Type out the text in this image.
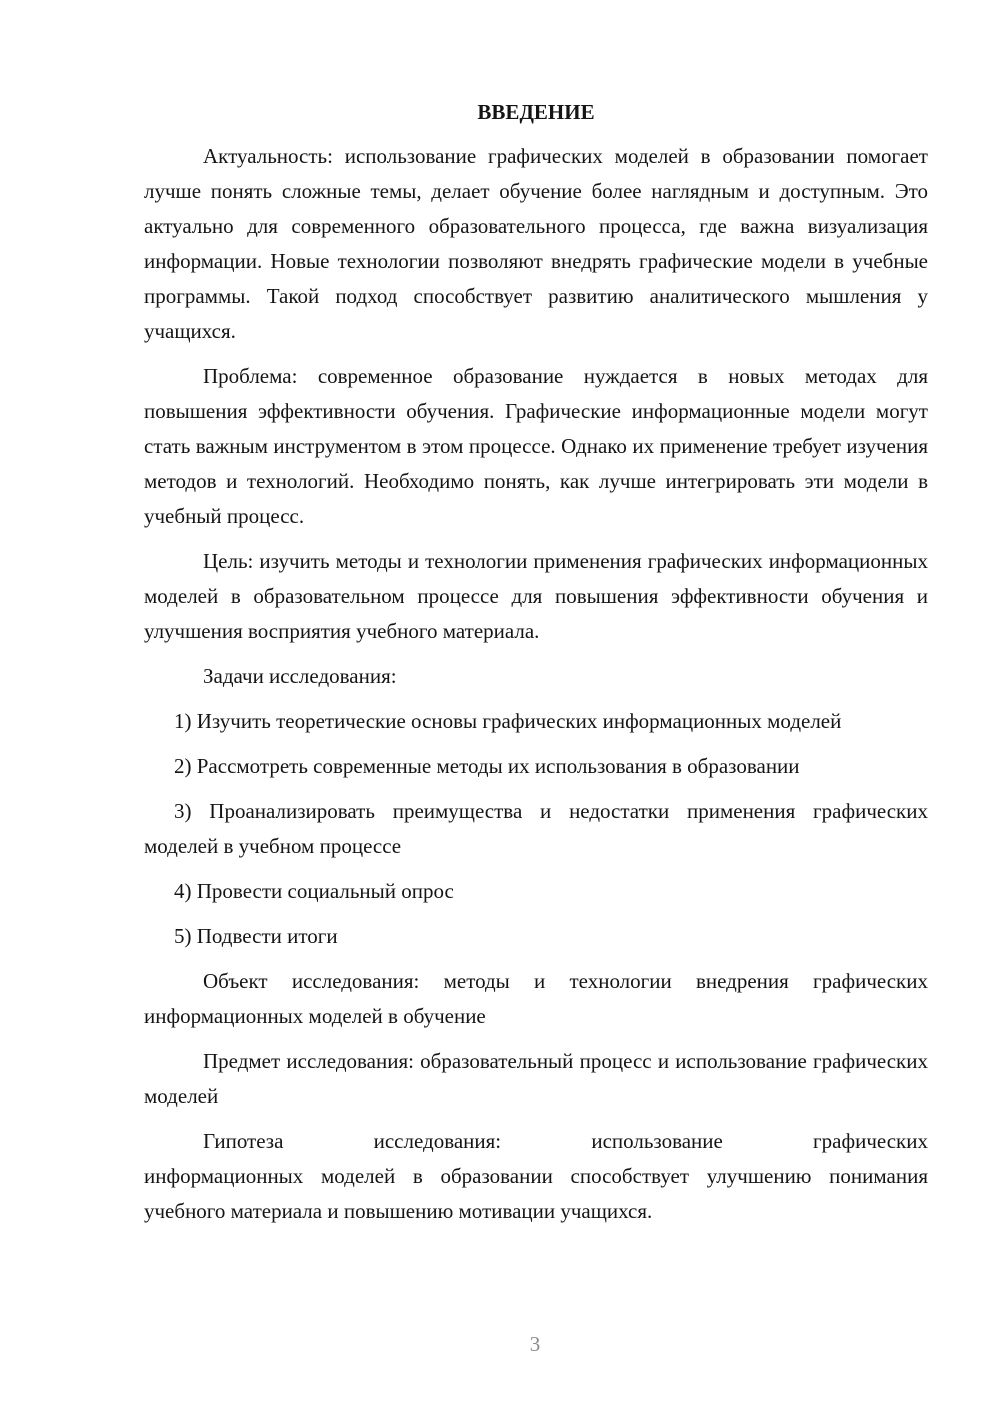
ВВЕДЕНИЕ

Актуальность: использование графических моделей в образовании помогает лучше понять сложные темы, делает обучение более наглядным и доступным. Это актуально для современного образовательного процесса, где важна визуализация информации. Новые технологии позволяют внедрять графические модели в учебные программы. Такой подход способствует развитию аналитического мышления у учащихся.

Проблема: современное образование нуждается в новых методах для повышения эффективности обучения. Графические информационные модели могут стать важным инструментом в этом процессе. Однако их применение требует изучения методов и технологий. Необходимо понять, как лучше интегрировать эти модели в учебный процесс.

Цель: изучить методы и технологии применения графических информационных моделей в образовательном процессе для повышения эффективности обучения и улучшения восприятия учебного материала.

Задачи исследования:

1) Изучить теоретические основы графических информационных моделей

2) Рассмотреть современные методы их использования в образовании

3) Проанализировать преимущества и недостатки применения графических моделей в учебном процессе

4) Провести социальный опрос

5) Подвести итоги

Объект исследования: методы и технологии внедрения графических информационных моделей в обучение

Предмет исследования: образовательный процесс и использование графических моделей

Гипотеза исследования: использование графических
информационных моделей в образовании способствует улучшению понимания учебного материала и повышению мотивации учащихся.

3
